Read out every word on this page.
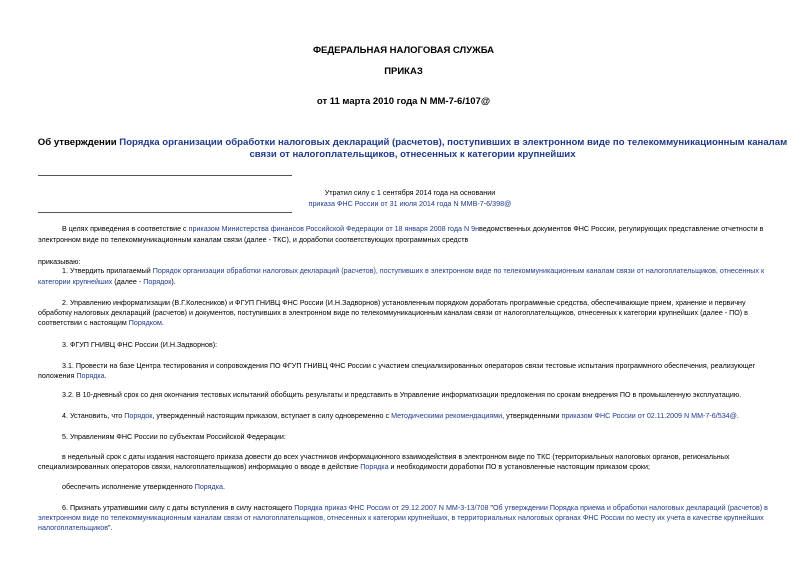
ФЕДЕРАЛЬНАЯ НАЛОГОВАЯ СЛУЖБА
ПРИКАЗ
от 11 марта 2010 года N ММ-7-6/107@
Об утверждении Порядка организации обработки налоговых деклараций (расчетов), поступивших в электронном виде по телекоммуникационным каналам связи от налогоплательщиков, отнесенных к категории крупнейших
Утратил силу с 1 сентября 2014 года на основании
приказа ФНС России от 31 июля 2014 года N ММВ-7-6/398@
В целях приведения в соответствие с приказом Министерства финансов Российской Федерации от 18 января 2008 года N 9нведомственных документов ФНС России, регулирующих представление отчетности в
электронном виде по телекоммуникационным каналам связи (далее - ТКС), и доработки соответствующих программных средств
приказываю:
1. Утвердить прилагаемый Порядок организации обработки налоговых деклараций (расчетов), поступивших в электронном виде по телекоммуникационным каналам связи от налогоплательщиков, отнесенных к
категории крупнейших (далее - Порядок).
2. Управлению информатизации (В.Г.Колесников) и ФГУП ГНИВЦ ФНС России (И.Н.Задворнов) установленным порядком доработать программные средства, обеспечивающие прием, хранение и первичну
обработку налоговых деклараций (расчетов) и документов, поступивших в электронном виде по телекоммуникационным каналам связи от налогоплательщиков, отнесенных к категории крупнейших (далее - ПО) в
соответствии с настоящим Порядком.
3. ФГУП ГНИВЦ ФНС России (И.Н.Задворнов):
3.1. Провести на базе Центра тестирования и сопровождения ПО ФГУП ГНИВЦ ФНС России с участием специализированных операторов связи тестовые испытания программного обеспечения, реализующег
положения Порядка.
3.2. В 10-дневный срок со дня окончания тестовых испытаний обобщить результаты и представить в Управление информатизации предложения по срокам внедрения ПО в промышленную эксплуатацию.
4. Установить, что Порядок, утвержденный настоящим приказом, вступает в силу одновременно с Методическими рекомендациями, утвержденными приказом ФНС России от 02.11.2009 N ММ-7-6/534@.
5. Управлениям ФНС России по субъектам Российской Федерации:
в недельный срок с даты издания настоящего приказа довести до всех участников информационного взаимодействия в электронном виде по ТКС (территориальных налоговых органов, региональных
специализированных операторов связи, налогоплательщиков) информацию о вводе в действие Порядка и необходимости доработки ПО в установленные настоящим приказом сроки;
обеспечить исполнение утвержденного Порядка.
6. Признать утратившими силу с даты вступления в силу настоящего Порядка приказ ФНС России от 29.12.2007 N ММ-3-13/708 "Об утверждении Порядка приема и обработки налоговых деклараций (расчетов) в
электронном виде по телекоммуникационным каналам связи от налогоплательщиков, отнесенных к категории крупнейших, в территориальных налоговых органах ФНС России по месту их учета в качестве крупнейших
налогоплательщиков".
